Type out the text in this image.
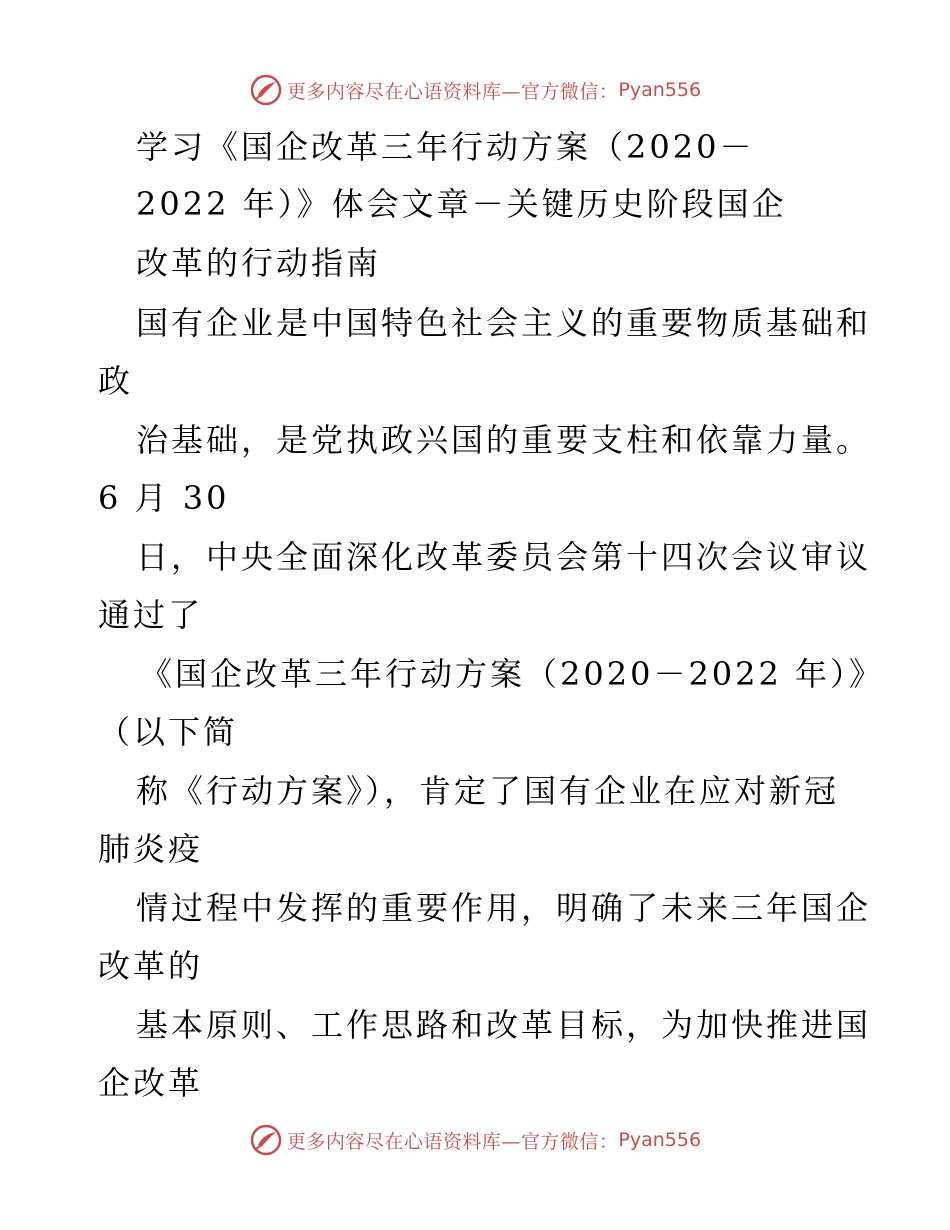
更多内容尽在心语资料库—官方微信： Pyan556
学习《国企改革三年行动方案（2020－
2022 年）》体会文章－关键历史阶段国企
改革的行动指南
国有企业是中国特色社会主义的重要物质基础和
政
治基础，是党执政兴国的重要支柱和依靠力量。
6 月 30
日，中央全面深化改革委员会第十四次会议审议
通过了
《国企改革三年行动方案（2020－2022 年）》
（以下简
称《行动方案》），肯定了国有企业在应对新冠
肺炎疫
情过程中发挥的重要作用，明确了未来三年国企
改革的
基本原则、工作思路和改革目标，为加快推进国
企改革
更多内容尽在心语资料库—官方微信： Pyan556
